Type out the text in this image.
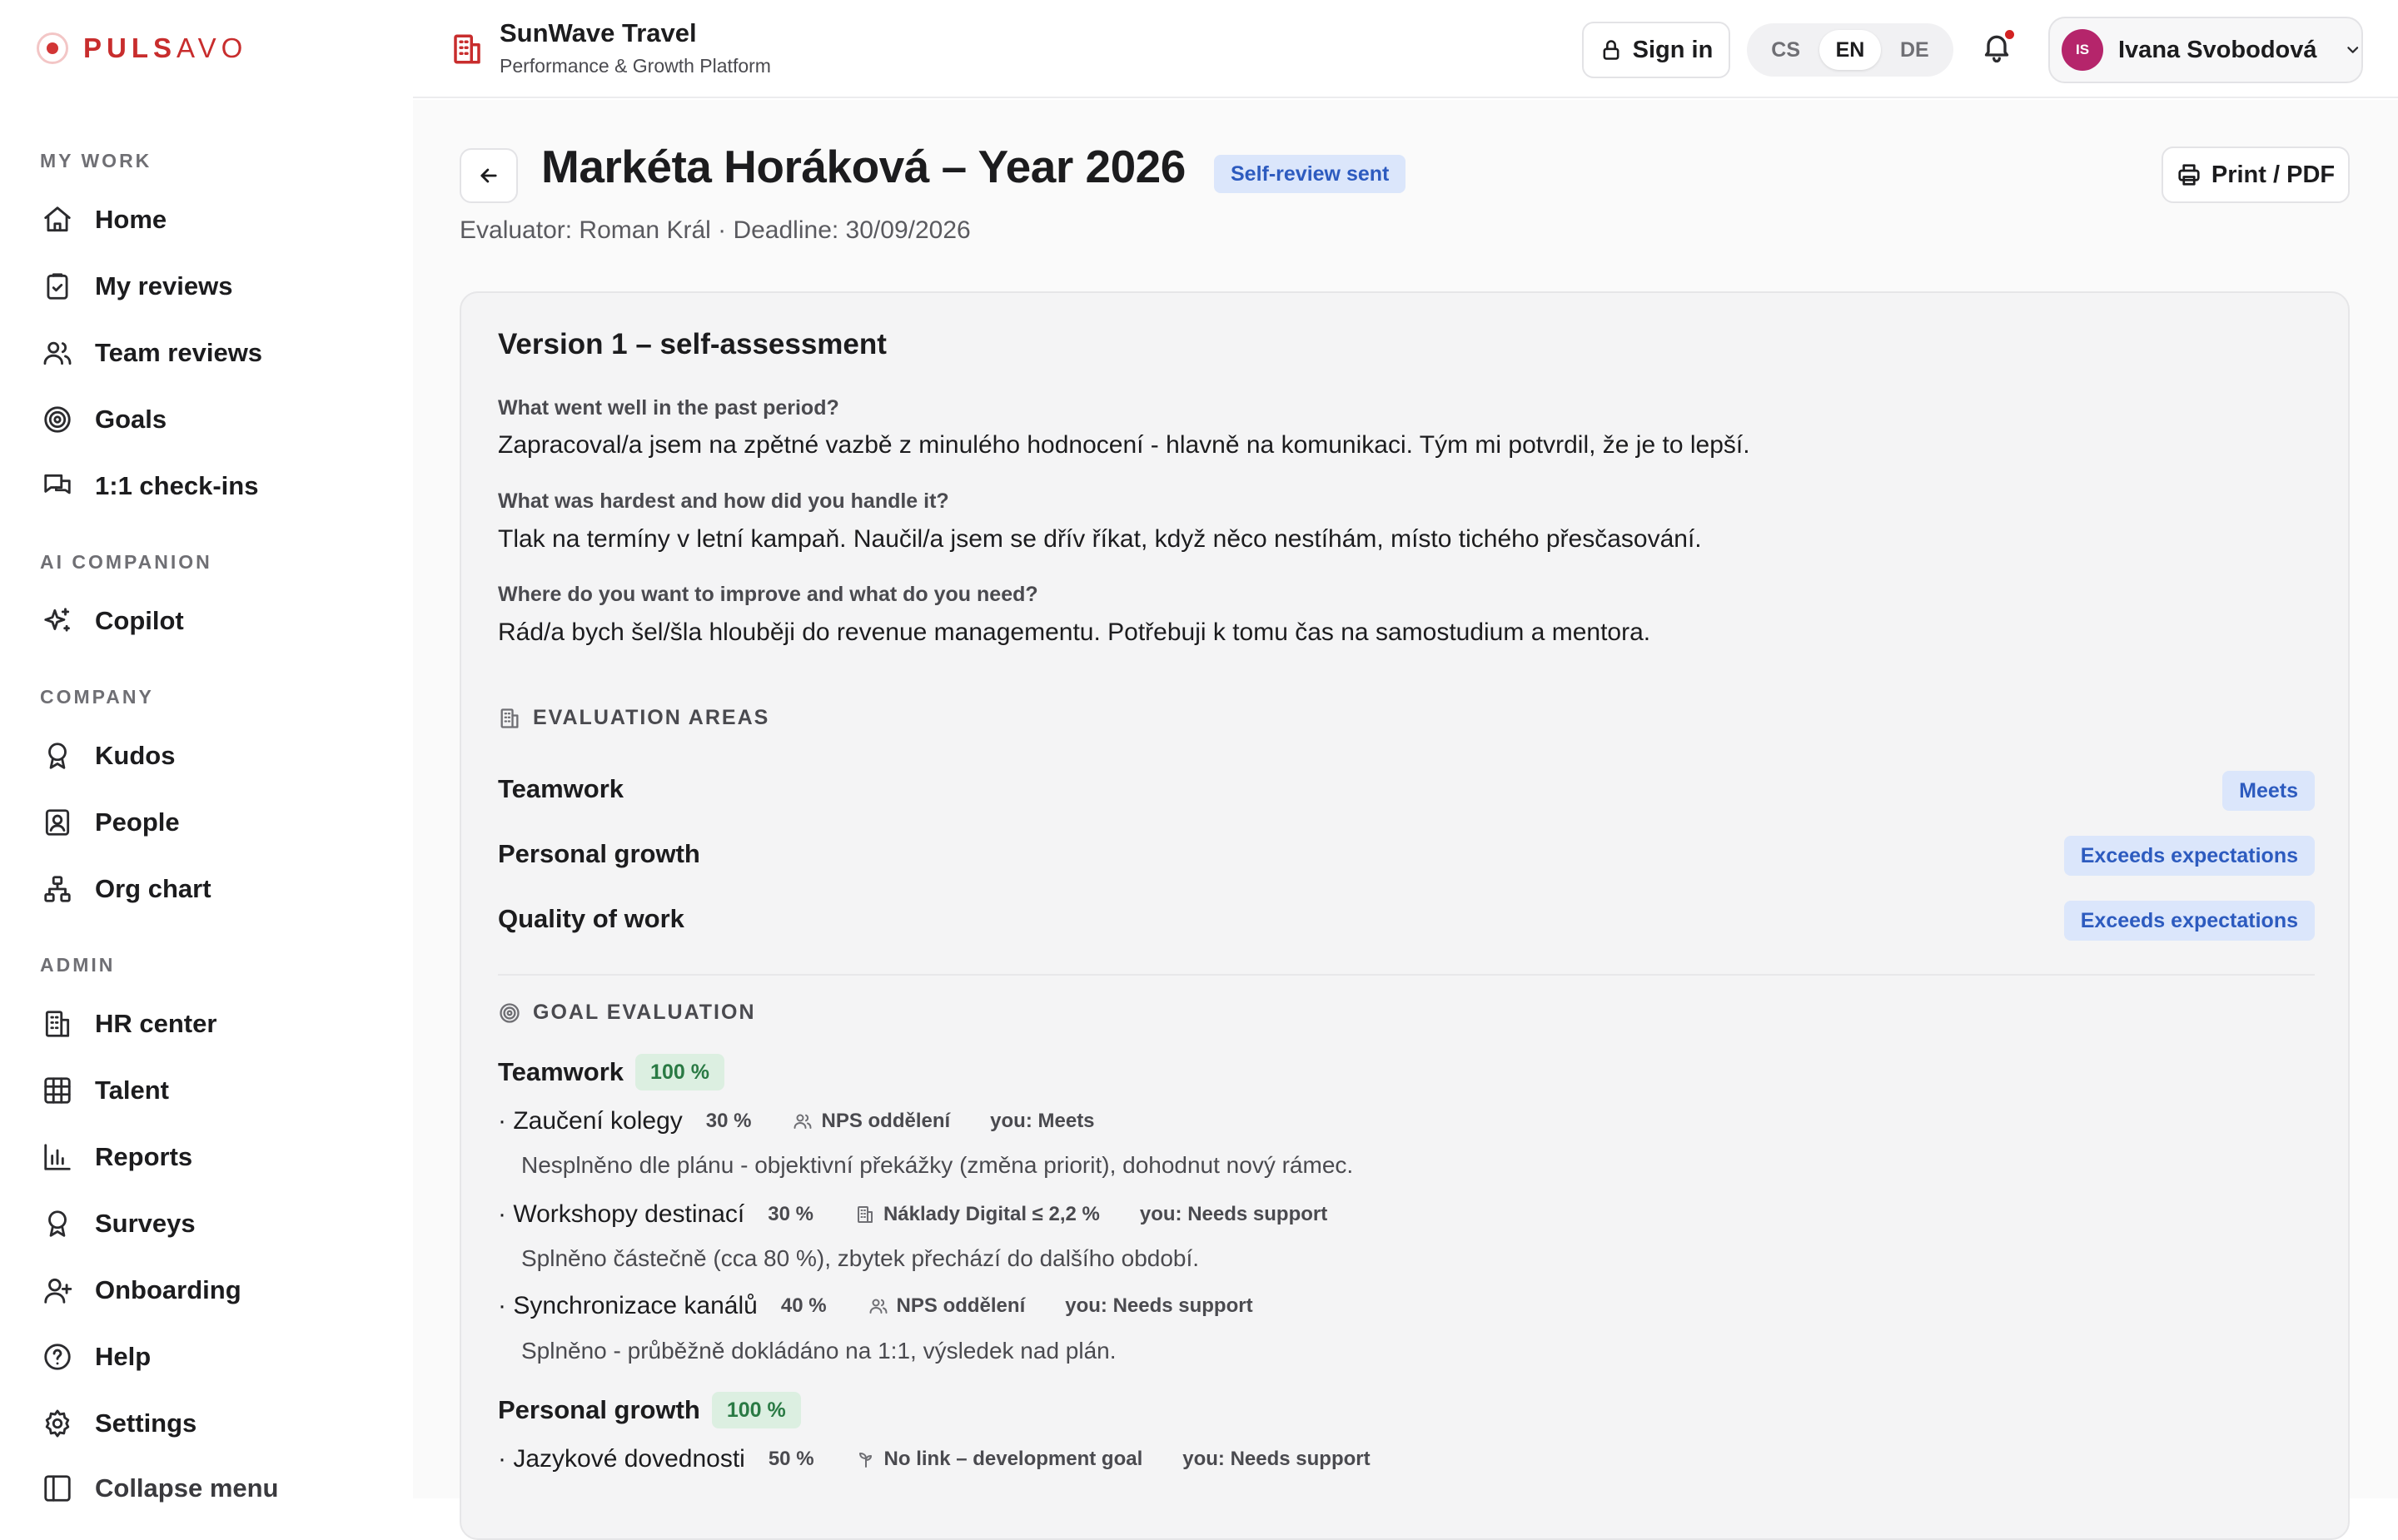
PULSAVO
MY WORK
Home
My reviews
Team reviews
Goals
1:1 check-ins
AI COMPANION
Copilot
COMPANY
Kudos
People
Org chart
ADMIN
HR center
Talent
Reports
Surveys
Onboarding
Help
Settings
Collapse menu
SunWave Travel
Performance & Growth Platform
Sign in	CS	EN	DE	IS	Ivana Svobodová
Markéta Horáková – Year 2026	Self-review sent	Print / PDF
Evaluator: Roman Král · Deadline: 30/09/2026
Version 1 – self-assessment
What went well in the past period?
Zapracoval/a jsem na zpětné vazbě z minulého hodnocení - hlavně na komunikaci. Tým mi potvrdil, že je to lepší.
What was hardest and how did you handle it?
Tlak na termíny v letní kampaň. Naučil/a jsem se dřív říkat, když něco nestíhám, místo tichého přesčasování.
Where do you want to improve and what do you need?
Rád/a bych šel/šla hlouběji do revenue managementu. Potřebuji k tomu čas na samostudium a mentora.
EVALUATION AREAS
Teamwork	Meets
Personal growth	Exceeds expectations
Quality of work	Exceeds expectations
GOAL EVALUATION
Teamwork	100 %
· Zaučení kolegy 30 %	NPS oddělení you: Meets
Nesplněno dle plánu - objektivní překážky (změna priorit), dohodnut nový rámec.
· Workshopy destinací 30 %	Náklady Digital ≤ 2,2 % you: Needs support
Splněno částečně (cca 80 %), zbytek přechází do dalšího období.
· Synchronizace kanálů 40 %	NPS oddělení you: Needs support
Splněno - průběžně dokládáno na 1:1, výsledek nad plán.
Personal growth	100 %
· Jazykové dovednosti 50 %	No link – development goal you: Needs support
